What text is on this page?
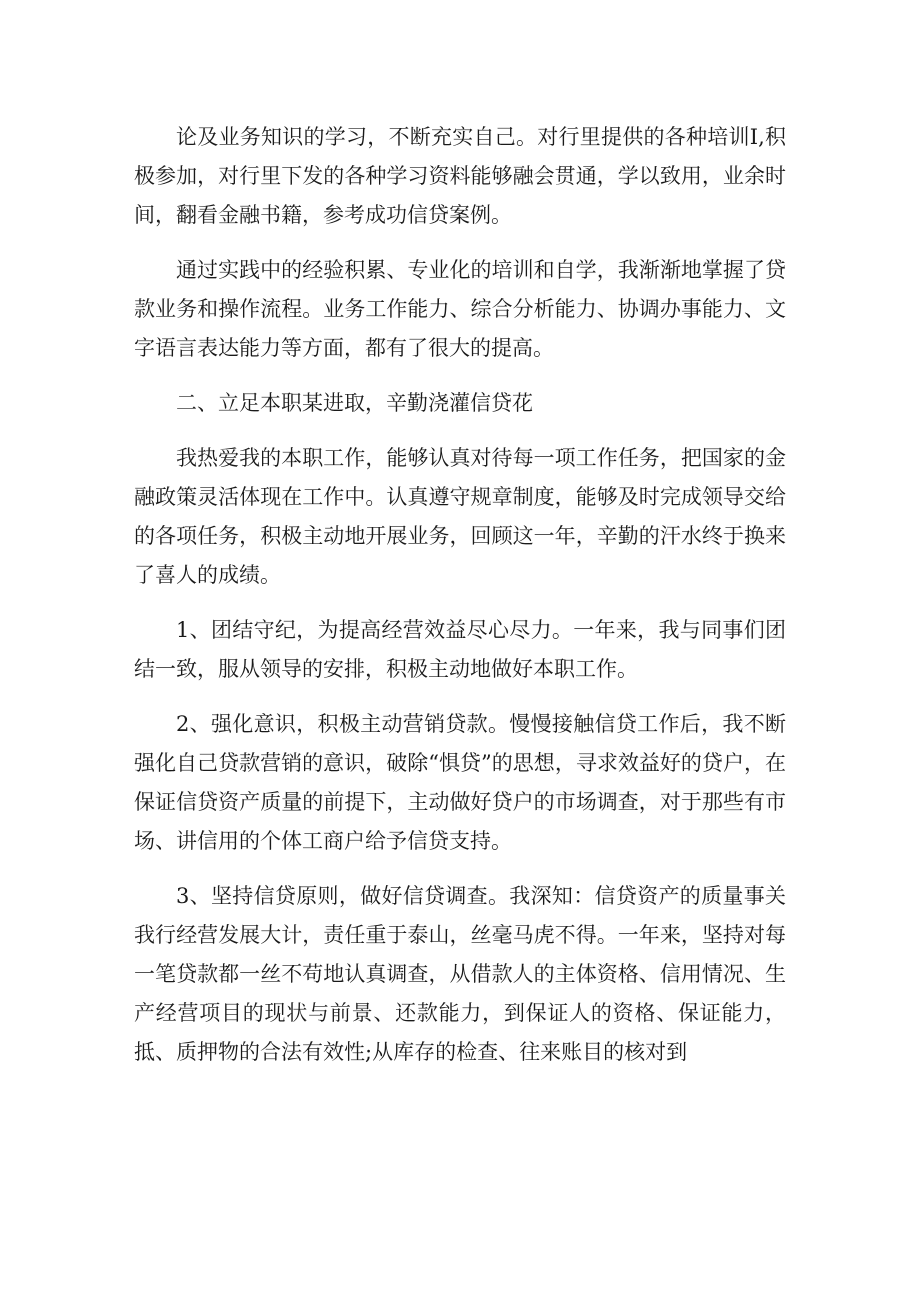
论及业务知识的学习，不断充实自己。对行里提供的各种培训I,积极参加，对行里下发的各种学习资料能够融会贯通，学以致用，业余时间，翻看金融书籍，参考成功信贷案例。

通过实践中的经验积累、专业化的培训和自学，我渐渐地掌握了贷款业务和操作流程。业务工作能力、综合分析能力、协调办事能力、文字语言表达能力等方面，都有了很大的提高。

二、立足本职某进取，辛勤浇灌信贷花

我热爱我的本职工作，能够认真对待每一项工作任务，把国家的金融政策灵活体现在工作中。认真遵守规章制度，能够及时完成领导交给的各项任务，积极主动地开展业务，回顾这一年，辛勤的汗水终于换来了喜人的成绩。

1、团结守纪，为提高经营效益尽心尽力。一年来，我与同事们团结一致，服从领导的安排，积极主动地做好本职工作。

2、强化意识，积极主动营销贷款。慢慢接触信贷工作后，我不断强化自己贷款营销的意识，破除“惧贷”的思想，寻求效益好的贷户，在保证信贷资产质量的前提下，主动做好贷户的市场调查，对于那些有市场、讲信用的个体工商户给予信贷支持。

3、坚持信贷原则，做好信贷调查。我深知：信贷资产的质量事关我行经营发展大计，责任重于泰山，丝毫马虎不得。一年来，坚持对每一笔贷款都一丝不苟地认真调查，从借款人的主体资格、信用情况、生产经营项目的现状与前景、还款能力，到保证人的资格、保证能力，抵、质押物的合法有效性;从库存的检查、往来账目的核对到
